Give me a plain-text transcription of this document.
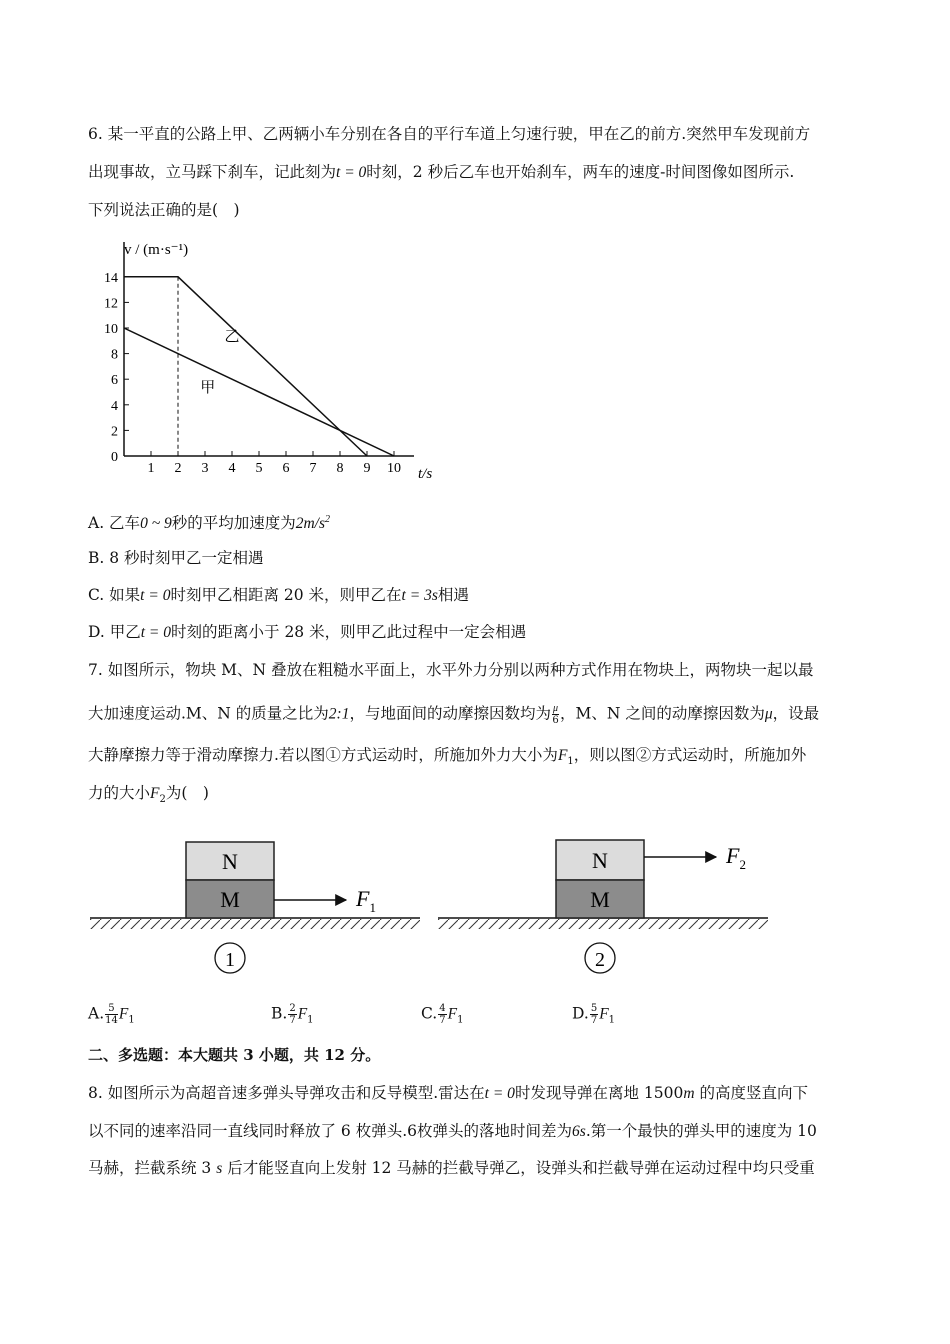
6. 某一平直的公路上甲、乙两辆小车分别在各自的平行车道上匀速行驶，甲在乙的前方.突然甲车发现前方
出现事故，立马踩下刹车，记此刻为t = 0时刻，2 秒后乙车也开始刹车，两车的速度-时间图像如图所示.
下列说法正确的是(　)
v / (m·s⁻¹)
t/s
1 2 3 4 5 6 7 8 9 10
0
2
4
6
8
10
12
14
乙
甲
A. 乙车0 ~ 9秒的平均加速度为$2m/s^2$
B. 8 秒时刻甲乙一定相遇
C. 如果t = 0时刻甲乙相距离 20 米，则甲乙在t = 3s相遇
D. 甲乙t = 0时刻的距离小于 28 米，则甲乙此过程中一定会相遇
7. 如图所示，物块 M、N 叠放在粗糙水平面上，水平外力分别以两种方式作用在物块上，两物块一起以最
大加速度运动.M、N 的质量之比为2:1，与地面间的动摩擦因数均为 $\frac{\mu}{6}$ ，M、N 之间的动摩擦因数为μ，设最
大静摩擦力等于滑动摩擦力.若以图①方式运动时，所施加外力大小为$F_1$，则以图②方式运动时，所施加外
力的大小$F_2$为(　)
N
M	$F_1$
1
N
M
$F_2$
2
A. $\frac{5}{14} F_1$	B. $\frac{2}{7} F_1$	C. $\frac{4}{7} F_1$	D. $\frac{5}{7} F_1$
二、多选题：本大题共 3 小题，共 12 分。
8. 如图所示为高超音速多弹头导弹攻击和反导模型.雷达在t = 0时发现导弹在离地 1500m 的高度竖直向下
以不同的速率沿同一直线同时释放了 6 枚弹头.6枚弹头的落地时间差为6s.第一个最快的弹头甲的速度为 10
马赫，拦截系统 3 s 后才能竖直向上发射 12 马赫的拦截导弹乙，设弹头和拦截导弹在运动过程中均只受重
